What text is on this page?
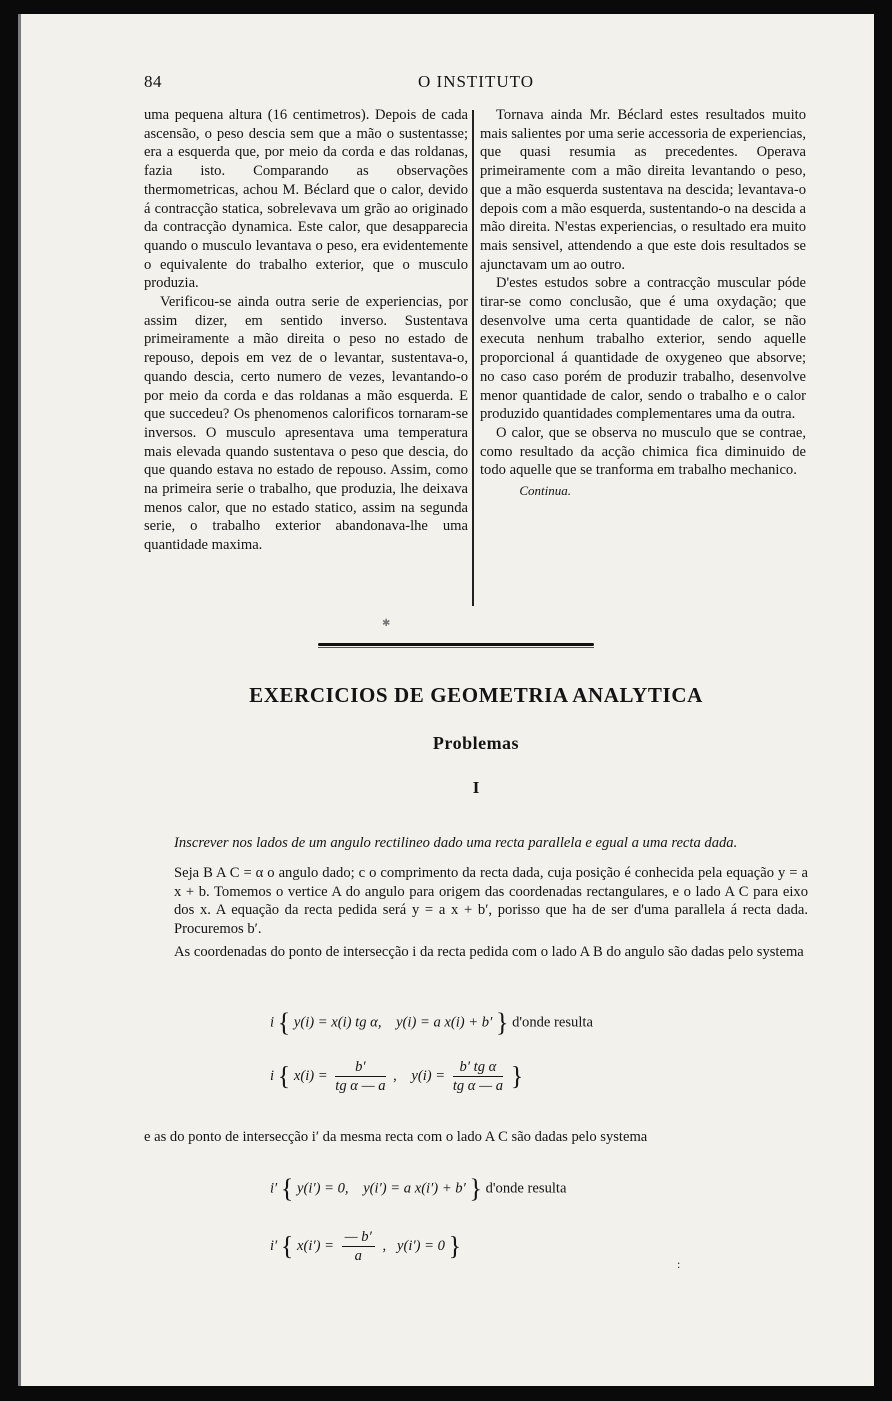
84	O INSTITUTO

uma pequena altura (16 centimetros). Depois de cada ascensão, o peso descia sem que a mão o sustentasse; era a esquerda que, por meio da corda e das roldanas, fazia isto. Comparando as observações thermometricas, achou M. Béclard que o calor, devido á contracção statica, sobrelevava um grão ao originado da contracção dynamica. Este calor, que desapparecia quando o musculo levantava o peso, era evidentemente o equivalente do trabalho exterior, que o musculo produzia.

Verificou-se ainda outra serie de experiencias, por assim dizer, em sentido inverso. Sustentava primeiramente a mão direita o peso no estado de repouso, depois em vez de o levantar, sustentava-o, quando descia, certo numero de vezes, levantando-o por meio da corda e das roldanas a mão esquerda. E que succedeu? Os phenomenos calorificos tornaram-se inversos. O musculo apresentava uma temperatura mais elevada quando sustentava o peso que descia, do que quando estava no estado de repouso. Assim, como na primeira serie o trabalho, que produzia, lhe deixava menos calor, que no estado statico, assim na segunda serie, o trabalho exterior abandonava-lhe uma quantidade maxima.

Tornava ainda Mr. Béclard estes resultados muito mais salientes por uma serie accessoria de experiencias, que quasi resumia as precedentes. Operava primeiramente com a mão direita levantando o peso, que a mão esquerda sustentava na descida; levantava-o depois com a mão esquerda, sustentando-o na descida a mão direita. N'estas experiencias, o resultado era muito mais sensivel, attendendo a que este dois resultados se ajunctavam um ao outro.

D'estes estudos sobre a contracção muscular póde tirar-se como conclusão, que é uma oxydação; que desenvolve uma certa quantidade de calor, se não executa nenhum trabalho exterior, sendo aquelle proporcional á quantidade de oxygeneo que absorve; no caso caso porém de produzir trabalho, desenvolve menor quantidade de calor, sendo o trabalho e o calor produzido quantidades complementares uma da outra.

O calor, que se observa no musculo que se contrae, como resultado da acção chimica fica diminuido de todo aquelle que se tranforma em trabalho mechanico.

Continua.

✱
EXERCICIOS DE GEOMETRIA ANALYTICA
Problemas
I
Inscrever nos lados de um angulo rectilineo dado uma recta parallela e egual a uma recta dada.
Seja B A C = α o angulo dado; c o comprimento da recta dada, cuja posição é conhecida pela equação y = a x + b. Tomemos o vertice A do angulo para origem das coordenadas rectangulares, e o lado A C para eixo dos x. A equação da recta pedida será y = a x + b′, porisso que ha de ser d'uma parallela á recta dada. Procuremos b′.
As coordenadas do ponto de intersecção i da recta pedida com o lado A B do angulo são dadas pelo systema
i { y(i) = x(i) tg α, y(i) = a x(i) + b′ } d'onde resulta
i { $x(i) = \frac{b'}{\text{tg α — a}}$ , $y(i) = \frac{\text{b′ tg α}}{\text{tg α — a}}$ }
e as do ponto de intersecção i′ da mesma recta com o lado A C são dadas pelo systema
i′ { y(i′) = 0, y(i′) = a x(i′) + b′ } d'onde resulta
i′ { $x(i') = \frac{— b'}{a}$ , y(i′) = 0 }
:
